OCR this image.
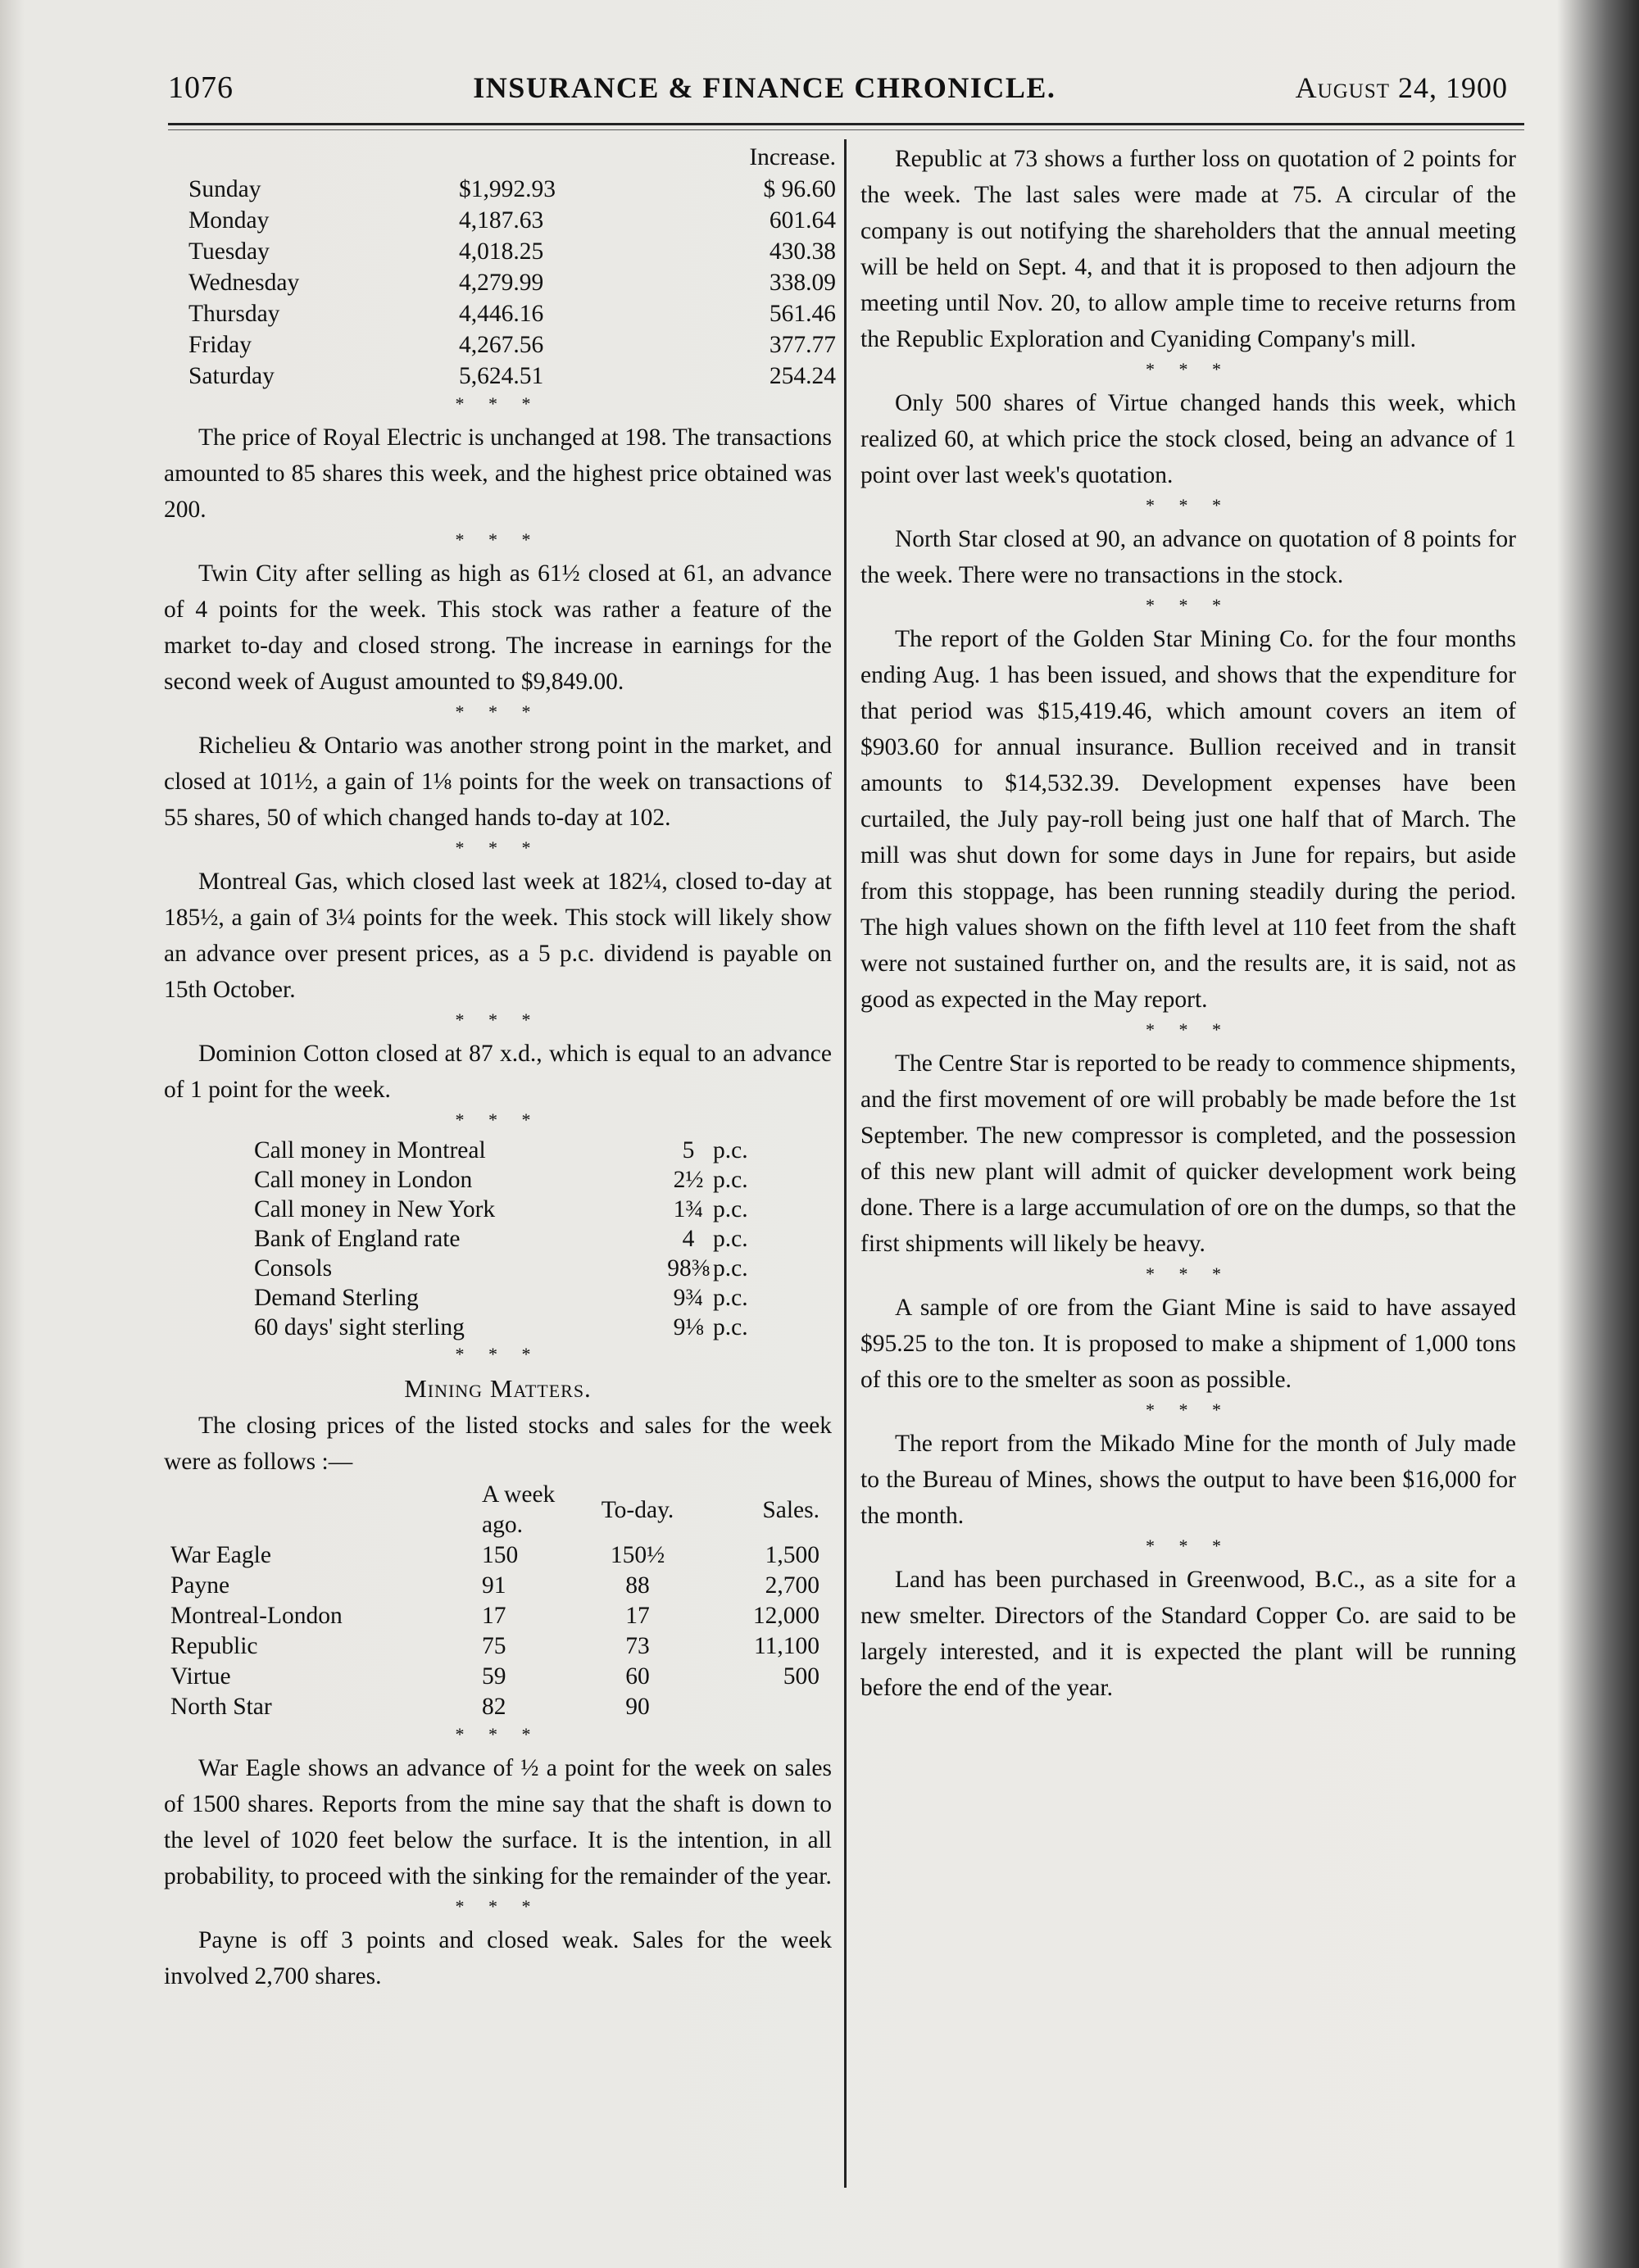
1076	INSURANCE & FINANCE CHRONICLE.	August 24, 1900
		Increase.
Sunday	$1,992.93	$ 96.60
Monday	4,187.63	601.64
Tuesday	4,018.25	430.38
Wednesday	4,279.99	338.09
Thursday	4,446.16	561.46
Friday	4,267.56	377.77
Saturday	5,624.51	254.24
* * *

The price of Royal Electric is unchanged at 198. The transactions amounted to 85 shares this week, and the highest price obtained was 200.

* * *

Twin City after selling as high as 61½ closed at 61, an advance of 4 points for the week. This stock was rather a feature of the market to-day and closed strong. The increase in earnings for the second week of August amounted to $9,849.00.

* * *

Richelieu & Ontario was another strong point in the market, and closed at 101½, a gain of 1⅛ points for the week on transactions of 55 shares, 50 of which changed hands to-day at 102.

* * *

Montreal Gas, which closed last week at 182¼, closed to-day at 185½, a gain of 3¼ points for the week. This stock will likely show an advance over present prices, as a 5 p.c. dividend is payable on 15th October.

* * *

Dominion Cotton closed at 87 x.d., which is equal to an advance of 1 point for the week.

* * *
Call money in Montreal	5	p.c.
Call money in London	2½	p.c.
Call money in New York	1¾	p.c.
Bank of England rate	4	p.c.
Consols	98⅜	p.c.
Demand Sterling	9¾	p.c.
60 days' sight sterling	9⅛	p.c.
* * *
Mining Matters.

The closing prices of the listed stocks and sales for the week were as follows :—

	A week ago.	To-day.	Sales.
War Eagle	150	150½	1,500
Payne	91	88	2,700
Montreal-London	17	17	12,000
Republic	75	73	11,100
Virtue	59	60	500
North Star	82	90	
* * *

War Eagle shows an advance of ½ a point for the week on sales of 1500 shares. Reports from the mine say that the shaft is down to the level of 1020 feet below the surface. It is the intention, in all probability, to proceed with the sinking for the remainder of the year.

* * *

Payne is off 3 points and closed weak. Sales for the week involved 2,700 shares.

Republic at 73 shows a further loss on quotation of 2 points for the week. The last sales were made at 75. A circular of the company is out notifying the shareholders that the annual meeting will be held on Sept. 4, and that it is proposed to then adjourn the meeting until Nov. 20, to allow ample time to receive returns from the Republic Exploration and Cyaniding Company's mill.

* * *

Only 500 shares of Virtue changed hands this week, which realized 60, at which price the stock closed, being an advance of 1 point over last week's quotation.

* * *

North Star closed at 90, an advance on quotation of 8 points for the week. There were no transactions in the stock.

* * *

The report of the Golden Star Mining Co. for the four months ending Aug. 1 has been issued, and shows that the expenditure for that period was $15,419.46, which amount covers an item of $903.60 for annual insurance. Bullion received and in transit amounts to $14,532.39. Development expenses have been curtailed, the July pay-roll being just one half that of March. The mill was shut down for some days in June for repairs, but aside from this stoppage, has been running steadily during the period. The high values shown on the fifth level at 110 feet from the shaft were not sustained further on, and the results are, it is said, not as good as expected in the May report.

* * *

The Centre Star is reported to be ready to commence shipments, and the first movement of ore will probably be made before the 1st September. The new compressor is completed, and the possession of this new plant will admit of quicker development work being done. There is a large accumulation of ore on the dumps, so that the first shipments will likely be heavy.

* * *

A sample of ore from the Giant Mine is said to have assayed $95.25 to the ton. It is proposed to make a shipment of 1,000 tons of this ore to the smelter as soon as possible.

* * *

The report from the Mikado Mine for the month of July made to the Bureau of Mines, shows the output to have been $16,000 for the month.

* * *

Land has been purchased in Greenwood, B.C., as a site for a new smelter. Directors of the Standard Copper Co. are said to be largely interested, and it is expected the plant will be running before the end of the year.
